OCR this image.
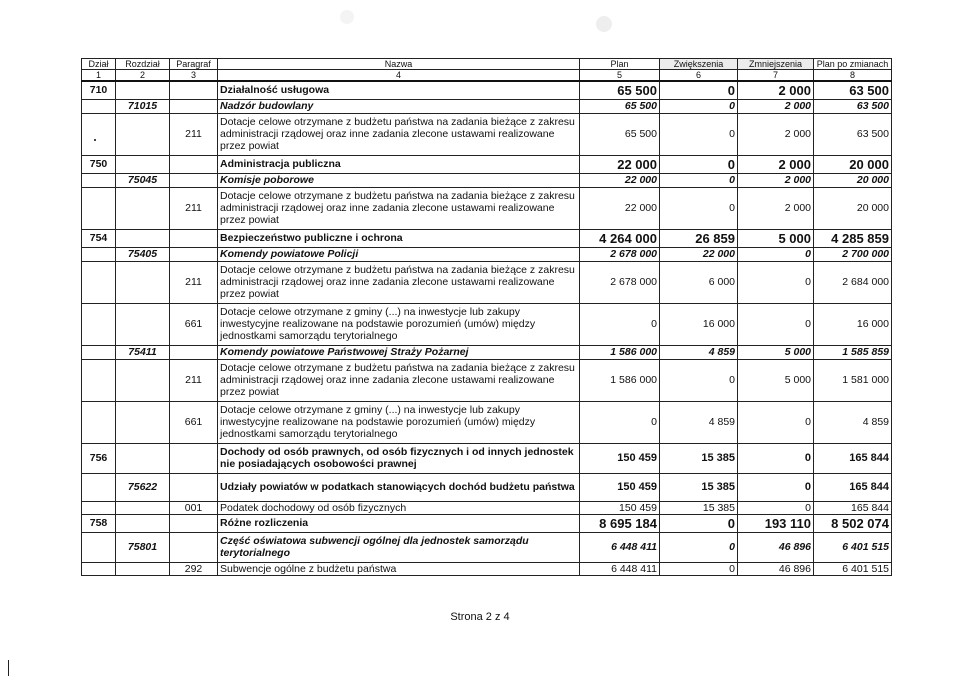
Dział	Rozdział	Paragraf	Nazwa	Plan	Zwiększenia	Zmniejszenia	Plan po zmianach
1	2	3	4	5	6	7	8
710			Działalność usługowa	65 500	0	2 000	63 500
	71015		Nadzór budowlany	65 500	0	2 000	63 500
		211	Dotacje celowe otrzymane z budżetu państwa na zadania bieżące z zakresu administracji rządowej oraz inne zadania zlecone ustawami realizowane przez powiat	65 500	0	2 000	63 500
750			Administracja publiczna	22 000	0	2 000	20 000
	75045		Komisje poborowe	22 000	0	2 000	20 000
		211	Dotacje celowe otrzymane z budżetu państwa na zadania bieżące z zakresu administracji rządowej oraz inne zadania zlecone ustawami realizowane przez powiat	22 000	0	2 000	20 000
754			Bezpieczeństwo publiczne i ochrona	4 264 000	26 859	5 000	4 285 859
	75405		Komendy powiatowe Policji	2 678 000	22 000	0	2 700 000
		211	Dotacje celowe otrzymane z budżetu państwa na zadania bieżące z zakresu administracji rządowej oraz inne zadania zlecone ustawami realizowane przez powiat	2 678 000	6 000	0	2 684 000
		661	Dotacje celowe otrzymane z gminy (...) na inwestycje lub zakupy inwestycyjne realizowane na podstawie porozumień (umów) między jednostkami samorządu terytorialnego	0	16 000	0	16 000
	75411		Komendy powiatowe Państwowej Straży Pożarnej	1 586 000	4 859	5 000	1 585 859
		211	Dotacje celowe otrzymane z budżetu państwa na zadania bieżące z zakresu administracji rządowej oraz inne zadania zlecone ustawami realizowane przez powiat	1 586 000	0	5 000	1 581 000
		661	Dotacje celowe otrzymane z gminy (...) na inwestycje lub zakupy inwestycyjne realizowane na podstawie porozumień (umów) między jednostkami samorządu terytorialnego	0	4 859	0	4 859
756			Dochody od osób prawnych, od osób fizycznych i od innych jednostek nie posiadających osobowości prawnej	150 459	15 385	0	165 844
	75622		Udziały powiatów w podatkach stanowiących dochód budżetu państwa	150 459	15 385	0	165 844
		001	Podatek dochodowy od osób fizycznych	150 459	15 385	0	165 844
758			Różne rozliczenia	8 695 184	0	193 110	8 502 074
	75801		Część oświatowa subwencji ogólnej dla jednostek samorządu terytorialnego	6 448 411	0	46 896	6 401 515
		292	Subwencje ogólne z budżetu państwa	6 448 411	0	46 896	6 401 515
Strona 2 z 4
